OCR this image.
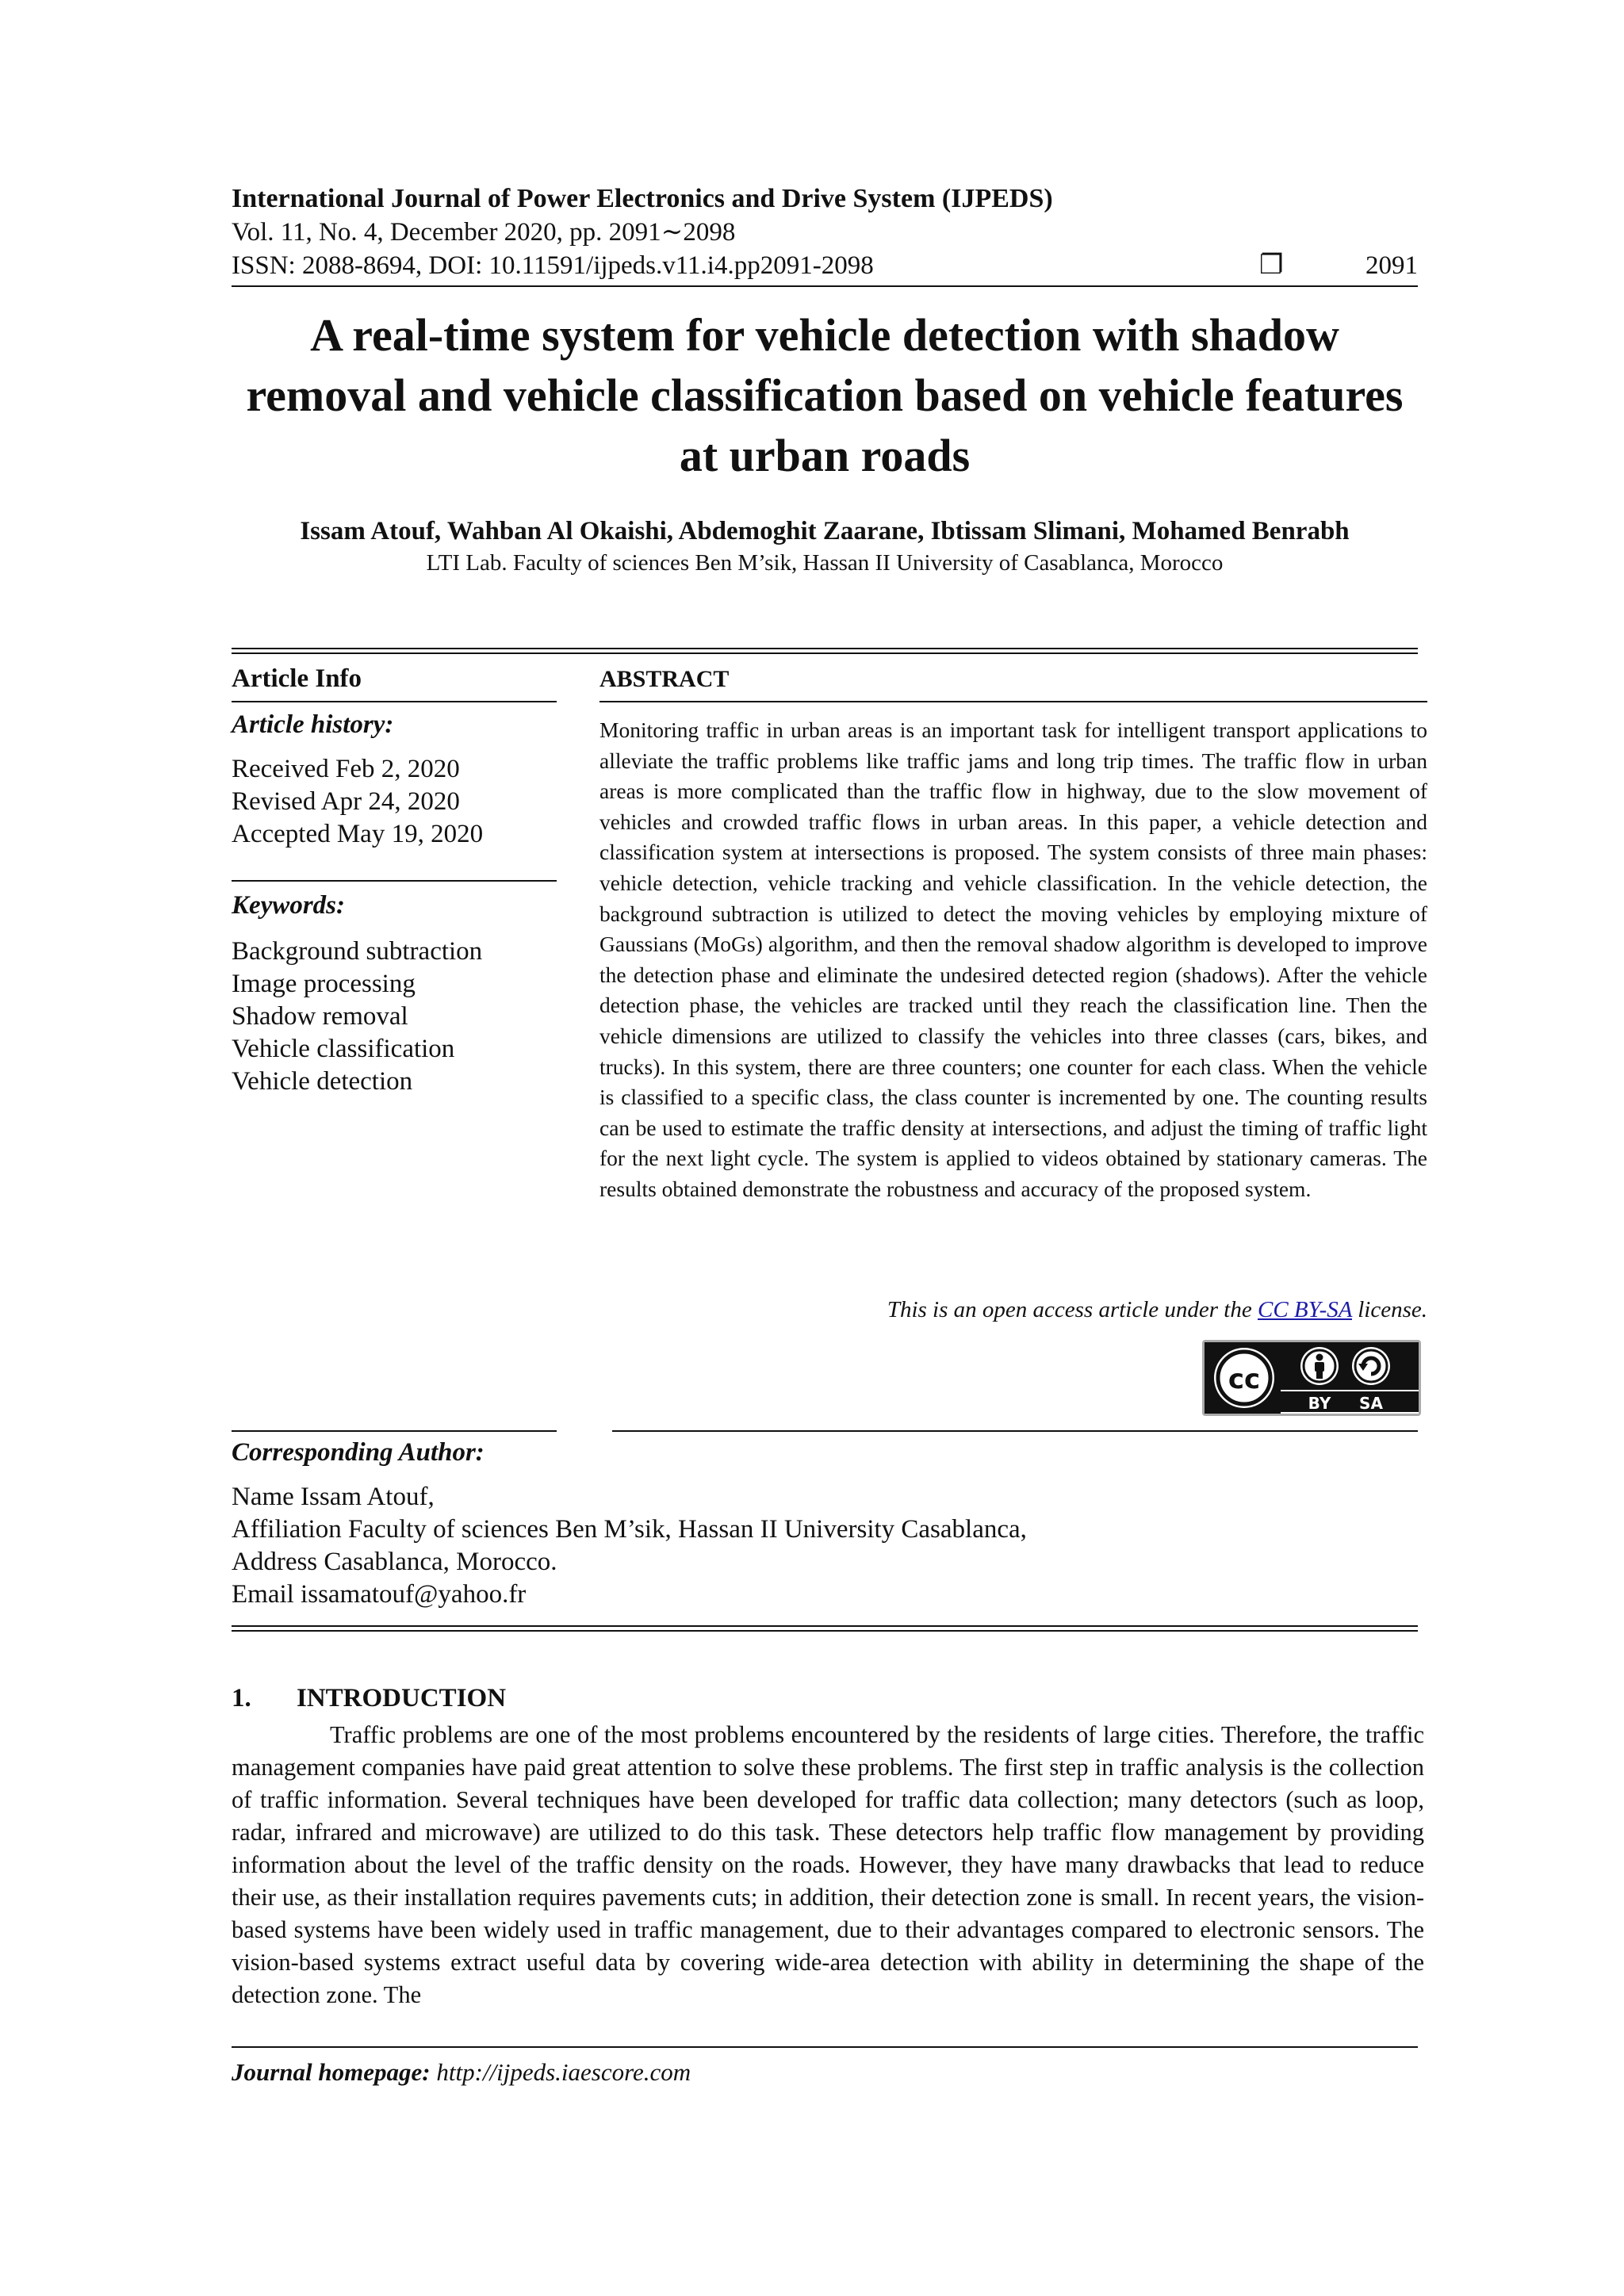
International Journal of Power Electronics and Drive System (IJPEDS)
Vol. 11, No. 4, December 2020, pp. 2091∼2098
ISSN: 2088-8694, DOI: 10.11591/ijpeds.v11.i4.pp2091-2098	❐	2091
A real-time system for vehicle detection with shadow
removal and vehicle classification based on vehicle features
at urban roads
Issam Atouf, Wahban Al Okaishi, Abdemoghit Zaarane, Ibtissam Slimani, Mohamed Benrabh
LTI Lab. Faculty of sciences Ben M’sik, Hassan II University of Casablanca, Morocco
Article Info
Article history:
Received Feb 2, 2020
Revised Apr 24, 2020
Accepted May 19, 2020
Keywords:
Background subtraction
Image processing
Shadow removal
Vehicle classification
Vehicle detection
ABSTRACT

Monitoring traffic in urban areas is an important task for intelligent transport applications to alleviate the traffic problems like traffic jams and long trip times. The traffic flow in urban areas is more complicated than the traffic flow in highway, due to the slow movement of vehicles and crowded traffic flows in urban areas. In this paper, a vehicle detection and classification system at intersections is proposed. The system consists of three main phases: vehicle detection, vehicle tracking and vehicle classification. In the vehicle detection, the background subtraction is utilized to detect the moving vehicles by employing mixture of Gaussians (MoGs) algorithm, and then the removal shadow algorithm is developed to improve the detection phase and eliminate the undesired detected region (shadows). After the vehicle detection phase, the vehicles are tracked until they reach the classification line. Then the vehicle dimensions are utilized to classify the vehicles into three classes (cars, bikes, and trucks). In this system, there are three counters; one counter for each class. When the vehicle is classified to a specific class, the class counter is incremented by one. The counting results can be used to estimate the traffic density at intersections, and adjust the timing of traffic light for the next light cycle. The system is applied to videos obtained by stationary cameras. The results obtained demonstrate the robustness and accuracy of the proposed system.

This is an open access article under the CC BY-SA license.
cc
BY SA
Corresponding Author:
Name Issam Atouf,
Affiliation Faculty of sciences Ben M’sik, Hassan II University Casablanca,
Address Casablanca, Morocco.
Email issamatouf@yahoo.fr
1. INTRODUCTION

Traffic problems are one of the most problems encountered by the residents of large cities. Therefore, the traffic management companies have paid great attention to solve these problems. The first step in traffic analysis is the collection of traffic information. Several techniques have been developed for traffic data collection; many detectors (such as loop, radar, infrared and microwave) are utilized to do this task. These detectors help traffic flow management by providing information about the level of the traffic density on the roads. However, they have many drawbacks that lead to reduce their use, as their installation requires pavements cuts; in addition, their detection zone is small. In recent years, the vision-based systems have been widely used in traffic management, due to their advantages compared to electronic sensors. The vision-based systems extract useful data by covering wide-area detection with ability in determining the shape of the detection zone. The

Journal homepage: http://ijpeds.iaescore.com
